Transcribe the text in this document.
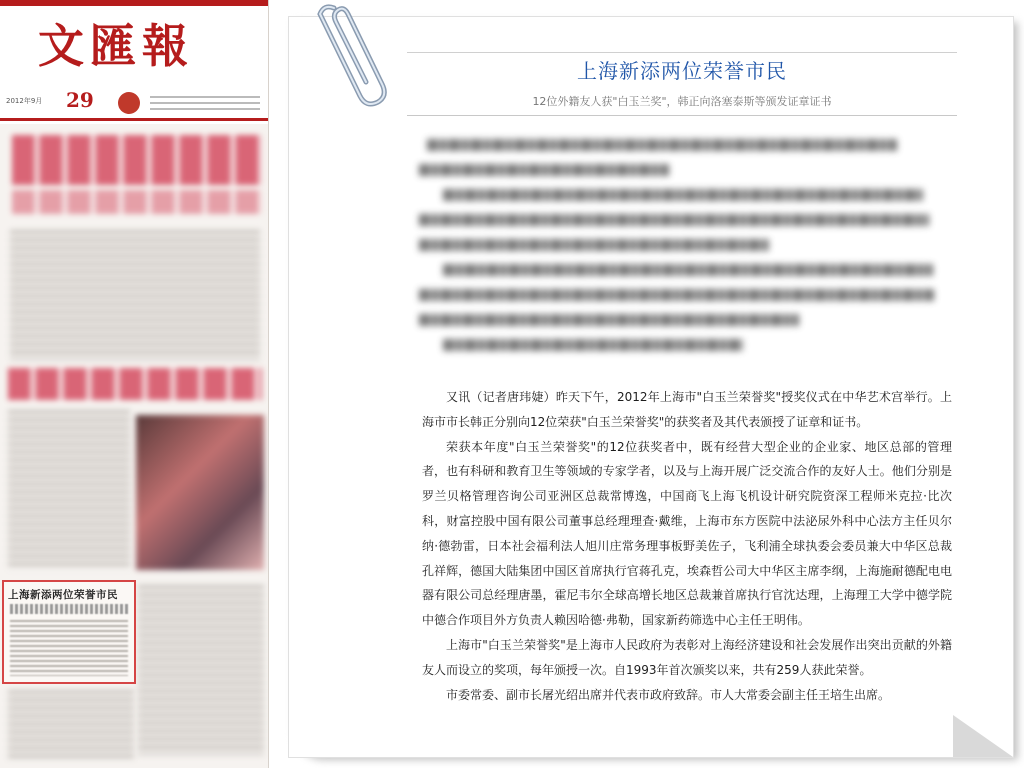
文匯報
2012年9月 29
上海新添两位荣誉市民
上海新添两位荣誉市民
12位外籍友人获"白玉兰奖"，韩正向洛塞泰斯等颁发证章证书

又讯（记者唐玮婕）昨天下午，2012年上海市"白玉兰荣誉奖"授奖仪式在中华艺术宫举行。上海市市长韩正分别向12位荣获"白玉兰荣誉奖"的获奖者及其代表颁授了证章和证书。

荣获本年度"白玉兰荣誉奖"的12位获奖者中，既有经营大型企业的企业家、地区总部的管理者，也有科研和教育卫生等领域的专家学者，以及与上海开展广泛交流合作的友好人士。他们分别是罗兰贝格管理咨询公司亚洲区总裁常博逸，中国商飞上海飞机设计研究院资深工程师米克拉·比次科，财富控股中国有限公司董事总经理理查·戴维，上海市东方医院中法泌尿外科中心法方主任贝尔纳·德勃雷，日本社会福利法人旭川庄常务理事板野美佐子，飞利浦全球执委会委员兼大中华区总裁孔祥辉，德国大陆集团中国区首席执行官蒋孔克，埃森哲公司大中华区主席李纲，上海施耐德配电电器有限公司总经理唐墨，霍尼韦尔全球高增长地区总裁兼首席执行官沈达理，上海理工大学中德学院中德合作项目外方负责人赖因哈德·弗勒，国家新药筛选中心主任王明伟。

上海市"白玉兰荣誉奖"是上海市人民政府为表彰对上海经济建设和社会发展作出突出贡献的外籍友人而设立的奖项，每年颁授一次。自1993年首次颁奖以来，共有259人获此荣誉。

市委常委、副市长屠光绍出席并代表市政府致辞。市人大常委会副主任王培生出席。
